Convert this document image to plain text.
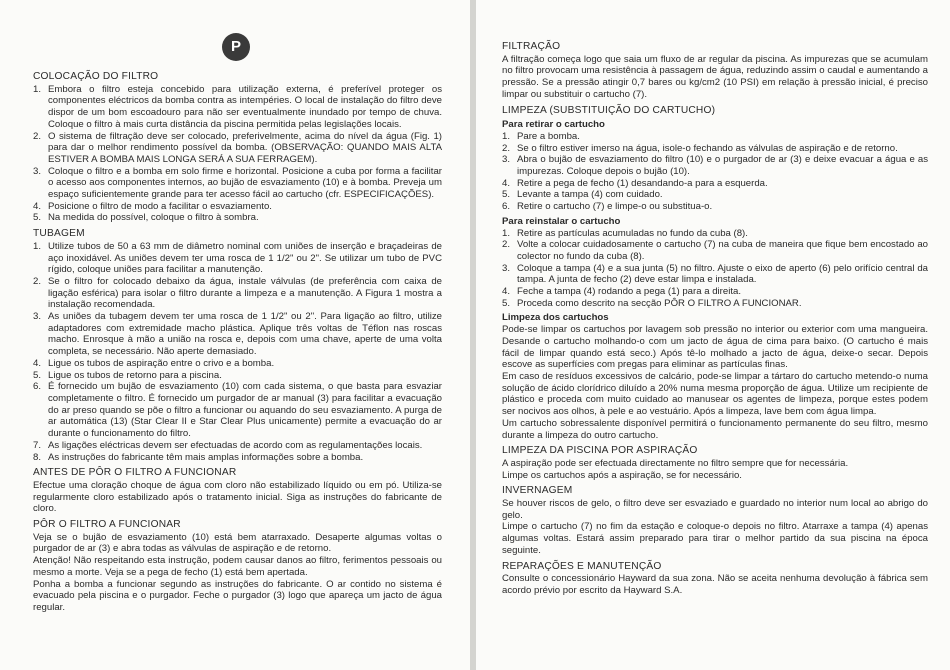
P
COLOCAÇÃO DO FILTRO
1. Embora o filtro esteja concebido para utilização externa, é preferível proteger os componentes eléctricos da bomba contra as intempéries. O local de instalação do filtro deve dispor de um bom escoadouro para não ser eventualmente inundado por tempo de chuva. Coloque o filtro à mais curta distância da piscina permitida pelas legislações locais.
2. O sistema de filtração deve ser colocado, preferivelmente, acima do nível da água (Fig. 1) para dar o melhor rendimento possível da bomba. (OBSERVAÇÃO: QUANDO MAIS ALTA ESTIVER A BOMBA MAIS LONGA SERÁ A SUA FERRAGEM).
3. Coloque o filtro e a bomba em solo firme e horizontal. Posicione a cuba por forma a facilitar o acesso aos componentes internos, ao bujão de esvaziamento (10) e à bomba. Preveja um espaço suficientemente grande para ter acesso fácil ao cartucho (cfr. ESPECIFICAÇÕES).
4. Posicione o filtro de modo a facilitar o esvaziamento.
5. Na medida do possível, coloque o filtro à sombra.
TUBAGEM
1. Utilize tubos de 50 a 63 mm de diâmetro nominal com uniões de inserção e braçadeiras de aço inoxidável. As uniões devem ter uma rosca de 1 1/2" ou 2". Se utilizar um tubo de PVC rígido, coloque uniões para facilitar a manutenção.
2. Se o filtro for colocado debaixo da água, instale válvulas (de preferência com caixa de ligação esférica) para isolar o filtro durante a limpeza e a manutenção. A Figura 1 mostra a instalação recomendada.
3. As uniões da tubagem devem ter uma rosca de 1 1/2" ou 2". Para ligação ao filtro, utilize adaptadores com extremidade macho plástica. Aplique três voltas de Téflon nas roscas macho. Enrosque à mão a união na rosca e, depois com uma chave, aperte de uma volta completa, se necessário. Não aperte demasiado.
4. Ligue os tubos de aspiração entre o crivo e a bomba.
5. Ligue os tubos de retorno para a piscina.
6. É fornecido um bujão de esvaziamento (10) com cada sistema, o que basta para esvaziar completamente o filtro. É fornecido um purgador de ar manual (3) para facilitar a evacuação do ar preso quando se põe o filtro a funcionar ou aquando do seu esvaziamento. A purga de ar automática (13) (Star Clear II e Star Clear Plus unicamente) permite a evacuação do ar durante o funcionamento do filtro.
7. As ligações eléctricas devem ser efectuadas de acordo com as regulamentações locais.
8. As instruções do fabricante têm mais amplas informações sobre a bomba.
ANTES DE PÔR O FILTRO A FUNCIONAR

Efectue uma cloração choque de água com cloro não estabilizado líquido ou em pó. Utiliza-se regularmente cloro estabilizado após o tratamento inicial. Siga as instruções do fabricante de cloro.

PÔR O FILTRO A FUNCIONAR

Veja se o bujão de esvaziamento (10) está bem atarraxado. Desaperte algumas voltas o purgador de ar (3) e abra todas as válvulas de aspiração e de retorno.

Atenção! Não respeitando esta instrução, podem causar danos ao filtro, ferimentos pessoais ou mesmo a morte. Veja se a pega de fecho (1) está bem apertada.

Ponha a bomba a funcionar segundo as instruções do fabricante. O ar contido no sistema é evacuado pela piscina e o purgador. Feche o purgador (3) logo que apareça um jacto de água regular.

FILTRAÇÃO

A filtração começa logo que saia um fluxo de ar regular da piscina. As impurezas que se acumulam no filtro provocam uma resistência à passagem de água, reduzindo assim o caudal e aumentando a pressão. Se a pressão atingir 0,7 bares ou kg/cm2 (10 PSI) em relação à pressão inicial, é preciso limpar ou substituir o cartucho (7).

LIMPEZA (SUBSTITUIÇÃO DO CARTUCHO)
Para retirar o cartucho
1. Pare a bomba.
2. Se o filtro estiver imerso na água, isole-o fechando as válvulas de aspiração e de retorno.
3. Abra o bujão de esvaziamento do filtro (10) e o purgador de ar (3) e deixe evacuar a água e as impurezas. Coloque depois o bujão (10).
4. Retire a pega de fecho (1) desandando-a para a esquerda.
5. Levante a tampa (4) com cuidado.
6. Retire o cartucho (7) e limpe-o ou substitua-o.
Para reinstalar o cartucho
1. Retire as partículas acumuladas no fundo da cuba (8).
2. Volte a colocar cuidadosamente o cartucho (7) na cuba de maneira que fique bem encostado ao colector no fundo da cuba (8).
3. Coloque a tampa (4) e a sua junta (5) no filtro. Ajuste o eixo de aperto (6) pelo orifício central da tampa. A junta de fecho (2) deve estar limpa e instalada.
4. Feche a tampa (4) rodando a pega (1) para a direita.
5. Proceda como descrito na secção PÔR O FILTRO A FUNCIONAR.
Limpeza dos cartuchos

Pode-se limpar os cartuchos por lavagem sob pressão no interior ou exterior com uma mangueira. Desande o cartucho molhando-o com um jacto de água de cima para baixo. (O cartucho é mais fácil de limpar quando está seco.) Após tê-lo molhado a jacto de água, deixe-o secar. Depois escove as superfícies com pregas para eliminar as partículas finas.

Em caso de resíduos excessivos de calcário, pode-se limpar a tártaro do cartucho metendo-o numa solução de ácido clorídrico diluído a 20% numa mesma proporção de água. Utilize um recipiente de plástico e proceda com muito cuidado ao manusear os agentes de limpeza, porque estes podem ser nocivos aos olhos, à pele e ao vestuário. Após a limpeza, lave bem com água limpa.

Um cartucho sobressalente disponível permitirá o funcionamento permanente do seu filtro, mesmo durante a limpeza do outro cartucho.

LIMPEZA DA PISCINA POR ASPIRAÇÃO

A aspiração pode ser efectuada directamente no filtro sempre que for necessária.

Limpe os cartuchos após a aspiração, se for necessário.

INVERNAGEM

Se houver riscos de gelo, o filtro deve ser esvaziado e guardado no interior num local ao abrigo do gelo.

Limpe o cartucho (7) no fim da estação e coloque-o depois no filtro. Atarraxe a tampa (4) apenas algumas voltas. Estará assim preparado para tirar o melhor partido da sua piscina na época seguinte.

REPARAÇÕES E MANUTENÇÃO

Consulte o concessionário Hayward da sua zona. Não se aceita nenhuma devolução à fábrica sem acordo prévio por escrito da Hayward S.A.
